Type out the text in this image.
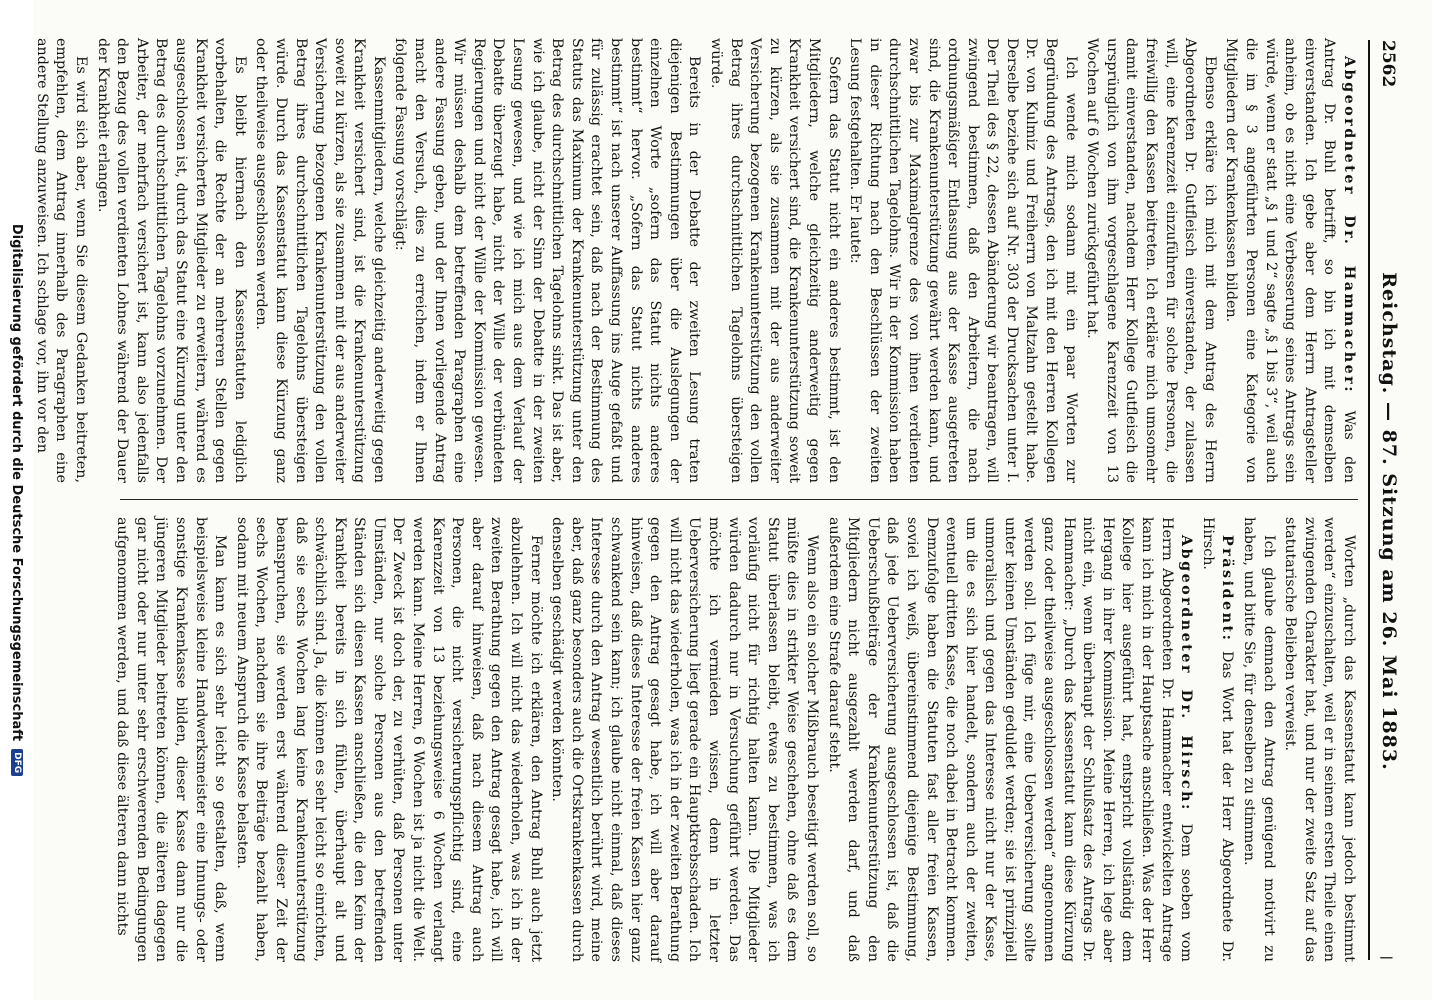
2562
Reichstag. — 87. Sitzung am 26. Mai 1883.
|

Abgeordneter Dr. Hammacher: Was den Antrag Dr. Buhl betrifft, so bin ich mit demselben einverstanden. Ich gebe aber dem Herrn Antragsteller anheim, ob es nicht eine Verbesserung seines Antrags sein würde, wenn er statt „§ 1 und 2“ sagte „§ 1 bis 3“, weil auch die im § 3 angeführten Personen eine Kategorie von Mitgliedern der Krankenkassen bilden.

Ebenso erkläre ich mich mit dem Antrag des Herrn Abgeordneten Dr. Gutfleisch einverstanden, der zulassen will, eine Karenzzeit einzuführen für solche Personen, die freiwillig den Kassen beitreten. Ich erkläre mich umsomehr damit einverstanden, nachdem Herr Kollege Gutfleisch die ursprünglich von ihm vorgeschlagene Karenzzeit von 13 Wochen auf 6 Wochen zurückgeführt hat.

Ich wende mich sodann mit ein paar Worten zur Begründung des Antrags, den ich mit den Herren Kollegen Dr. von Kulmiz und Freiherrn von Maltzahn gestellt habe. Derselbe beziehe sich auf Nr. 303 der Drucksachen unter I. Der Theil des § 22, dessen Abänderung wir beantragen, will zwingend bestimmen, daß den Arbeitern, die nach ordnungsmäßiger Entlassung aus der Kasse ausgetreten sind, die Krankenunterstützung gewährt werden kann, und zwar bis zur Maximalgrenze des von ihnen verdienten durchschnittlichen Tagelohns. Wir in der Kommission haben in dieser Richtung nach den Beschlüssen der zweiten Lesung festgehalten. Er lautet:

Sofern das Statut nicht ein anderes bestimmt, ist den Mitgliedern, welche gleichzeitig anderweitig gegen Krankheit versichert sind, die Krankenunterstützung soweit zu kürzen, als sie zusammen mit der aus anderweiter Versicherung bezogenen Krankenunterstützung den vollen Betrag ihres durchschnittlichen Tagelohns übersteigen würde.

Bereits in der Debatte der zweiten Lesung traten diejenigen Bestimmungen über die Auslegungen der einzelnen Worte „sofern das Statut nichts anderes bestimmt“ hervor. „Sofern das Statut nichts anderes bestimmt“ ist nach unserer Auffassung ins Auge gefaßt und für zulässig erachtet sein, daß nach der Bestimmung des Statuts das Maximum der Krankenunterstützung unter den Betrag des durchschnittlichen Tagelohns sinkt. Das ist aber, wie ich glaube, nicht der Sinn der Debatte in der zweiten Lesung gewesen, und wie ich mich aus dem Verlauf der Debatte überzeugt habe, nicht der Wille der verbündeten Regierungen und nicht der Wille der Kommission gewesen. Wir müssen deshalb dem betreffenden Paragraphen eine andere Fassung geben, und der Ihnen vorliegende Antrag macht den Versuch, dies zu erreichen, indem er Ihnen folgende Fassung vorschlägt:

Kassenmitgliedern, welche gleichzeitig anderweitig gegen Krankheit versichert sind, ist die Krankenunterstützung soweit zu kürzen, als sie zusammen mit der aus anderweiter Versicherung bezogenen Krankenunterstützung den vollen Betrag ihres durchschnittlichen Tagelohns übersteigen würde. Durch das Kassenstatut kann diese Kürzung ganz oder theilweise ausgeschlossen werden.

Es bleibt hiernach den Kassenstatuten lediglich vorbehalten, die Rechte der an mehreren Stellen gegen Krankheit versicherten Mitglieder zu erweitern, während es ausgeschlossen ist, durch das Statut eine Kürzung unter den Betrag des durchschnittlichen Tagelohns vorzunehmen. Der Arbeiter, der mehrfach versichert ist, kann also jedenfalls den Bezug des vollen verdienten Lohnes während der Dauer der Krankheit erlangen.

Es wird sich aber, wenn Sie diesem Gedanken beitreten, empfehlen, dem Antrag innerhalb des Paragraphen eine andere Stellung anzuweisen. Ich schlage vor, ihn vor den

Worten „durch das Kassenstatut kann jedoch bestimmt werden“ einzuschalten, weil er in seinem ersten Theile einen zwingenden Charakter hat, und nur der zweite Satz auf das statutarische Belieben verweist.

Ich glaube demnach den Antrag genügend motivirt zu haben, und bitte Sie, für denselben zu stimmen.

Präsident: Das Wort hat der Herr Abgeordnete Dr. Hirsch.

Abgeordneter Dr. Hirsch: Dem soeben vom Herrn Abgeordneten Dr. Hammacher entwickelten Antrage kann ich mich in der Hauptsache anschließen. Was der Herr Kollege hier ausgeführt hat, entspricht vollständig dem Hergang in ihrer Kommission. Meine Herren, ich lege aber nicht ein, wenn überhaupt der Schlußsatz des Antrags Dr. Hammacher: „Durch das Kassenstatut kann diese Kürzung ganz oder theilweise ausgeschlossen werden“ angenommen werden soll. Ich füge mir, eine Ueberversicherung sollte unter keinen Umständen geduldet werden; sie ist prinzipiell unmoralisch und gegen das Interesse nicht nur der Kasse, um die es sich hier handelt, sondern auch der zweiten, eventuell dritten Kasse, die noch dabei in Betracht kommen. Demzufolge haben die Statuten fast aller freien Kassen, soviel ich weiß, übereinstimmend diejenige Bestimmung, daß jede Ueberversicherung ausgeschlossen ist, daß die Ueberschußbeiträge der Krankenunterstützung den Mitgliedern nicht ausgezahlt werden darf, und daß außerdem eine Strafe darauf steht.

Wenn also ein solcher Mißbrauch beseitigt werden soll, so müßte dies in strikter Weise geschehen, ohne daß es dem Statut überlassen bleibt, etwas zu bestimmen, was ich vorläufig nicht für richtig halten kann. Die Mitglieder würden dadurch nur in Versuchung geführt werden. Das möchte ich vermieden wissen, denn in letzter Ueberversicherung liegt gerade ein Hauptkrebsschaden. Ich will nicht das wiederholen, was ich in der zweiten Berathung gegen den Antrag gesagt habe, ich will aber darauf hinweisen, daß dieses Interesse der freien Kassen hier ganz schwankend sein kann; ich glaube nicht einmal, daß dieses Interesse durch den Antrag wesentlich berührt wird, meine aber, daß ganz besonders auch die Ortskrankenkassen durch denselben geschädigt werden könnten.

Ferner möchte ich erklären, den Antrag Buhl auch jetzt abzulehnen. Ich will nicht das wiederholen, was ich in der zweiten Berathung gegen den Antrag gesagt habe, ich will aber darauf hinweisen, daß nach diesem Antrag auch Personen, die nicht versicherungspflichtig sind, eine Karenzzeit von 13 beziehungsweise 6 Wochen verlangt werden kann. Meine Herren, 6 Wochen ist ja nicht die Welt. Der Zweck ist doch der, zu verhüten, daß Personen unter Umständen, nur solche Personen aus den betreffenden Ständen sich diesen Kassen anschließen, die den Keim der Krankheit bereits in sich fühlen, überhaupt alt und schwächlich sind. Ja, die können es sehr leicht so einrichten, daß sie sechs Wochen lang keine Krankenunterstützung beanspruchen, sie werden erst während dieser Zeit der sechs Wochen, nachdem sie ihre Beiträge bezahlt haben, sodann mit neuem Anspruch die Kasse belasten.

Man kann es sich sehr leicht so gestalten, daß, wenn beispielsweise kleine Handwerksmeister eine Innungs- oder sonstige Krankenkasse bilden, dieser Kasse dann nur die jüngeren Mitglieder beitreten können, die älteren dagegen gar nicht oder nur unter sehr erschwerenden Bedingungen aufgenommen werden, und daß diese älteren dann nichts

Digitalisierung gefördert durch die Deutsche Forschungsgemeinschaft
DFG
